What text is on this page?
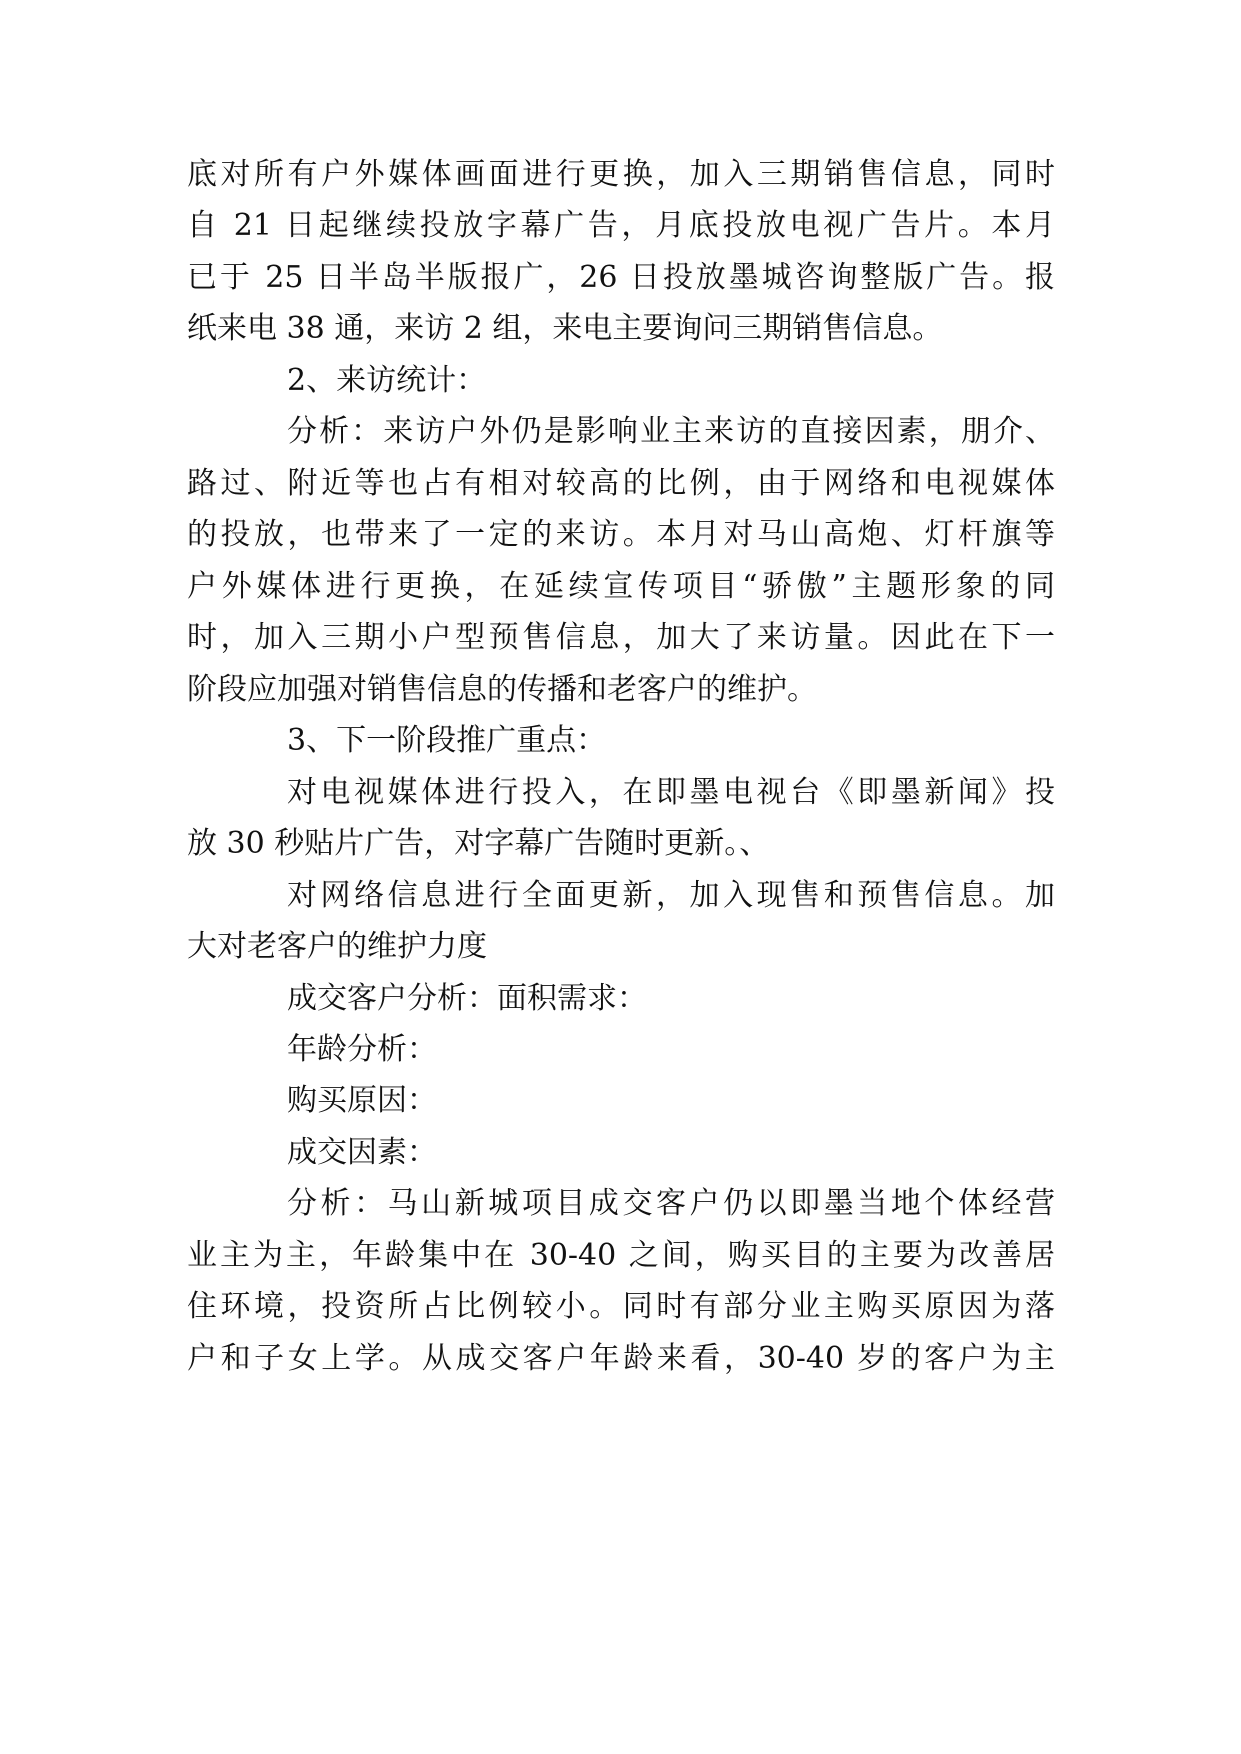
底对所有户外媒体画面进行更换，加入三期销售信息，同时
自 21 日起继续投放字幕广告，月底投放电视广告片。本月
已于 25 日半岛半版报广，26 日投放墨城咨询整版广告。报
纸来电 38 通，来访 2 组，来电主要询问三期销售信息。
2、来访统计：
分析：来访户外仍是影响业主来访的直接因素，朋介、
路过、附近等也占有相对较高的比例，由于网络和电视媒体
的投放，也带来了一定的来访。本月对马山高炮、灯杆旗等
户外媒体进行更换，在延续宣传项目“骄傲”主题形象的同
时，加入三期小户型预售信息，加大了来访量。因此在下一
阶段应加强对销售信息的传播和老客户的维护。
3、下一阶段推广重点：
对电视媒体进行投入，在即墨电视台《即墨新闻》投
放 30 秒贴片广告，对字幕广告随时更新。、
对网络信息进行全面更新，加入现售和预售信息。加
大对老客户的维护力度
成交客户分析：面积需求：
年龄分析：
购买原因：
成交因素：
分析：马山新城项目成交客户仍以即墨当地个体经营
业主为主，年龄集中在 30-40 之间，购买目的主要为改善居
住环境，投资所占比例较小。同时有部分业主购买原因为落
户和子女上学。从成交客户年龄来看，30-40 岁的客户为主
